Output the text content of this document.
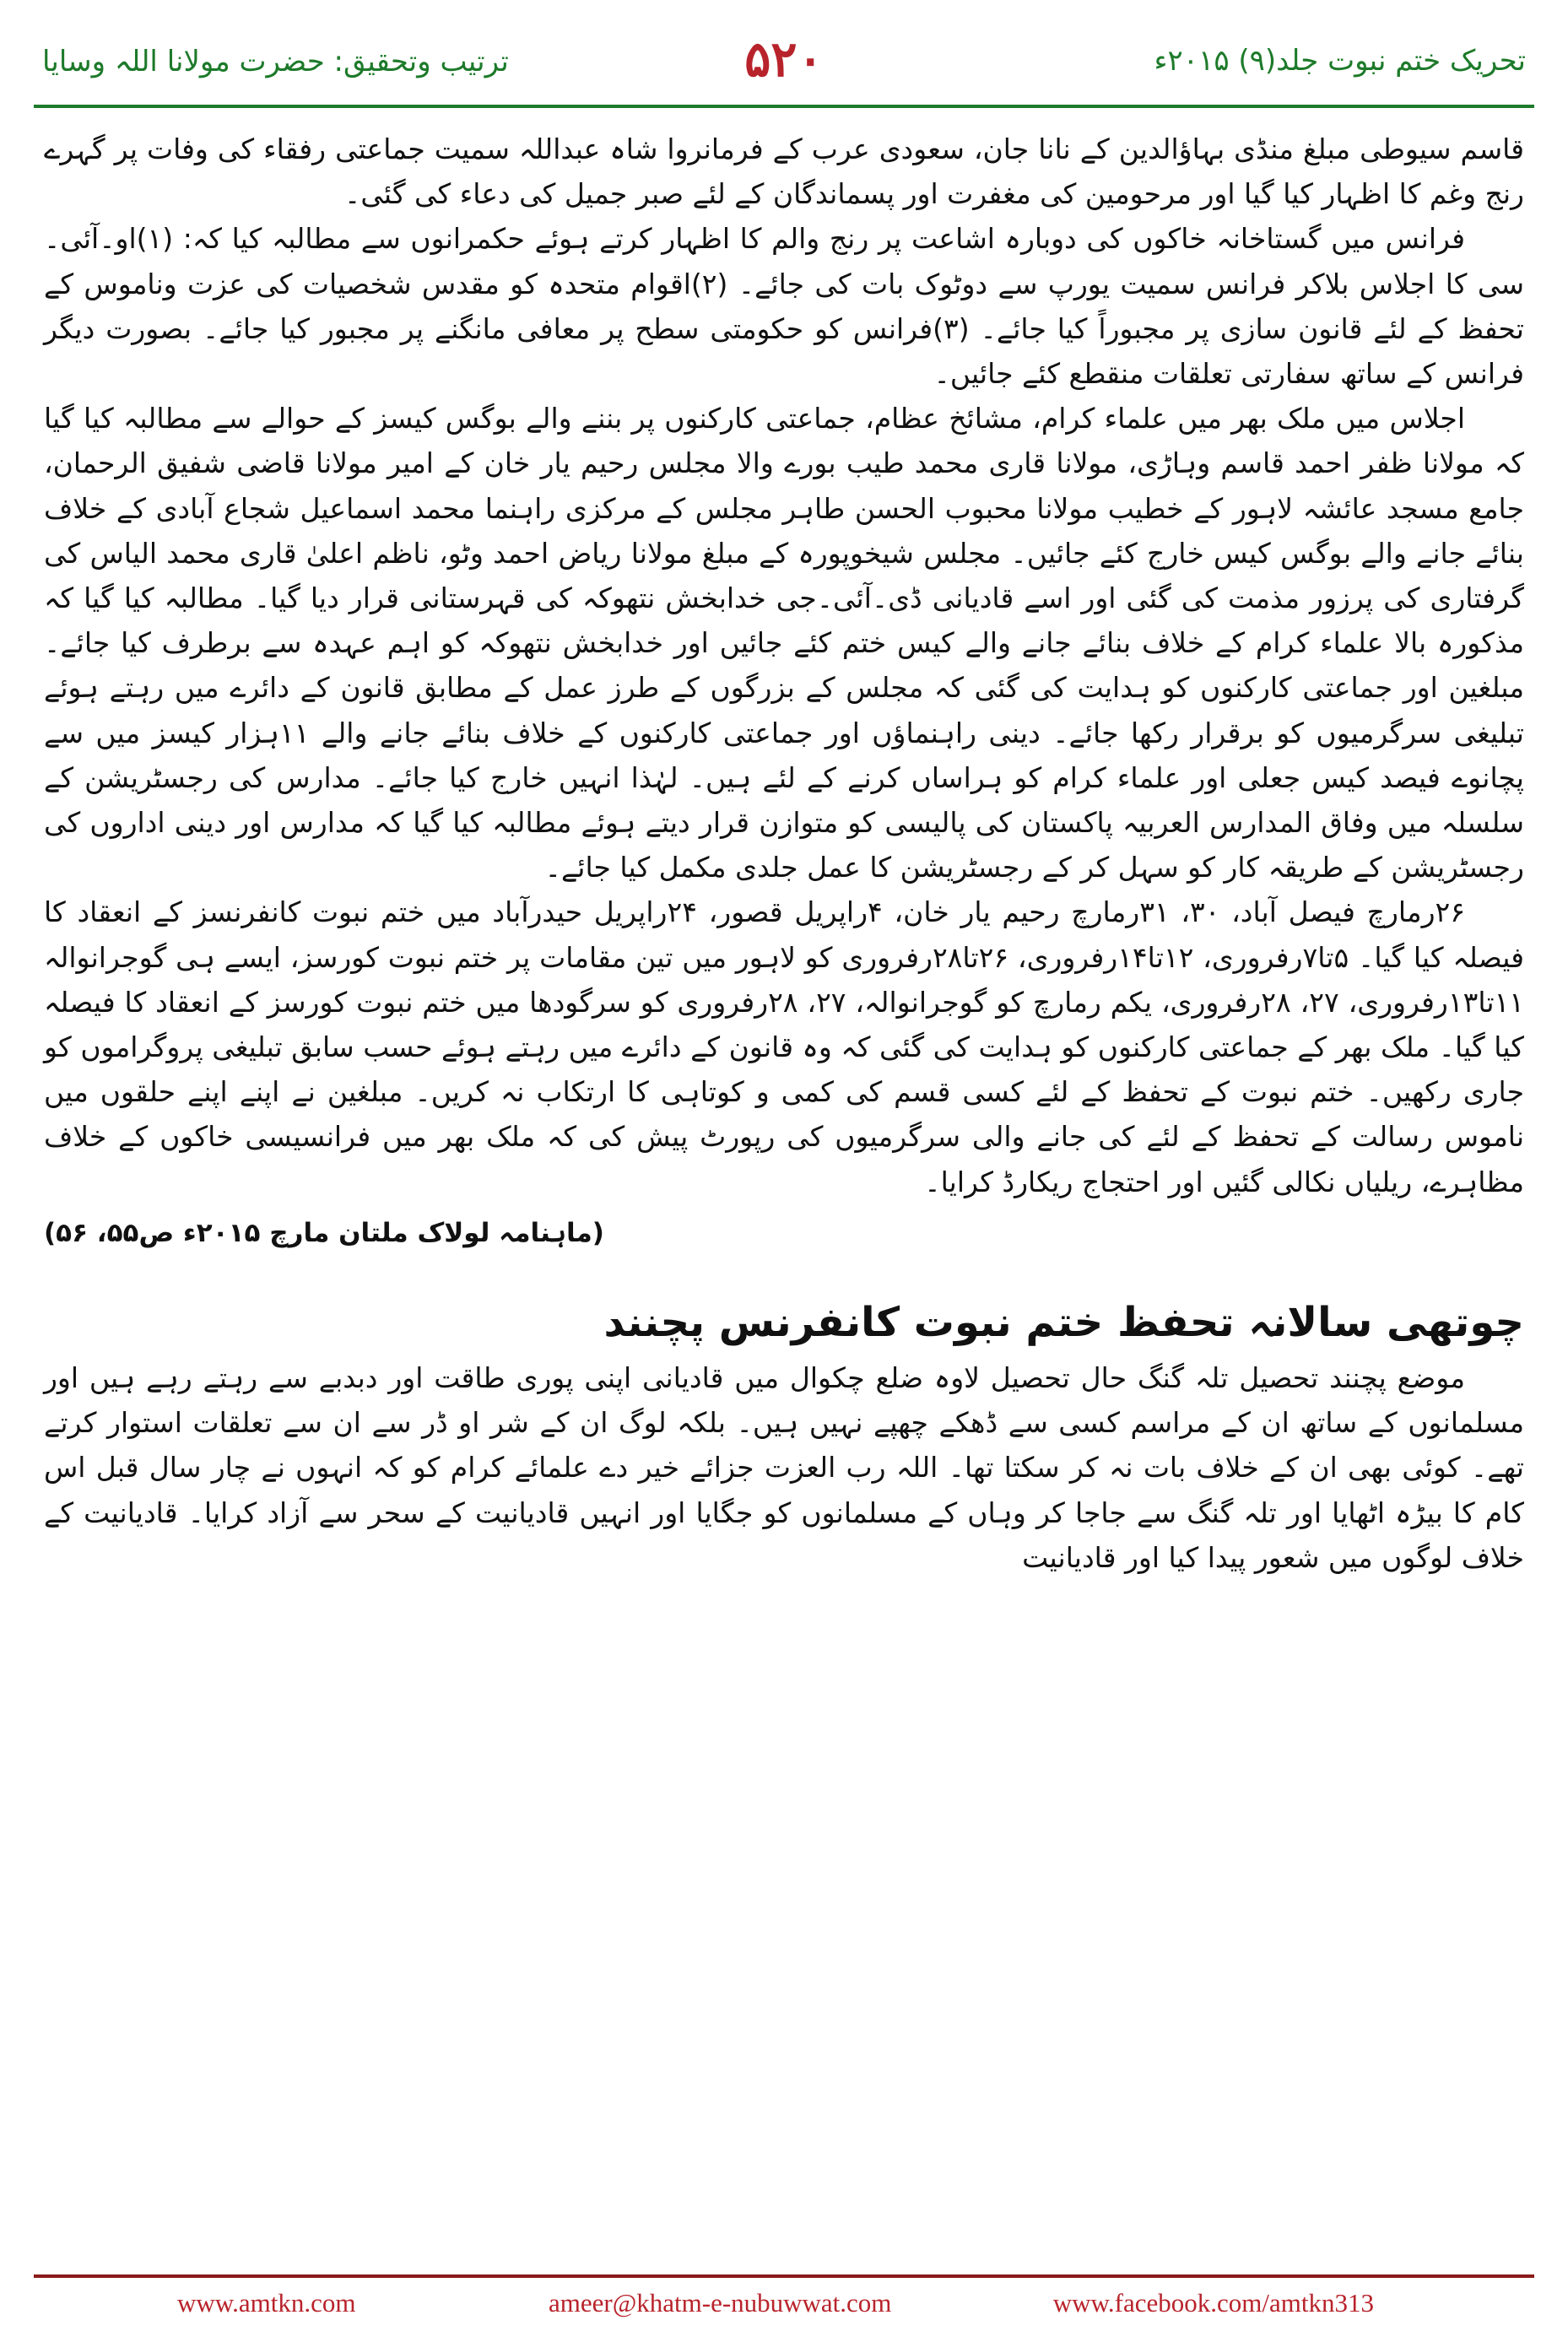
تحریک ختم نبوت جلد(۹) ۲۰۱۵ء
۵۲۰
ترتیب وتحقیق: حضرت مولانا اللہ وسایا

قاسم سیوطی مبلغ منڈی بہاؤالدین کے نانا جان، سعودی عرب کے فرمانروا شاہ عبداللہ سمیت جماعتی رفقاء کی وفات پر گہرے رنج وغم کا اظہار کیا گیا اور مرحومین کی مغفرت اور پسماندگان کے لئے صبر جمیل کی دعاء کی گئی۔

فرانس میں گستاخانہ خاکوں کی دوبارہ اشاعت پر رنج والم کا اظہار کرتے ہوئے حکمرانوں سے مطالبہ کیا کہ: (۱)او۔آئی۔سی کا اجلاس بلاکر فرانس سمیت یورپ سے دوٹوک بات کی جائے۔ (۲)اقوام متحدہ کو مقدس شخصیات کی عزت وناموس کے تحفظ کے لئے قانون سازی پر مجبوراً کیا جائے۔ (۳)فرانس کو حکومتی سطح پر معافی مانگنے پر مجبور کیا جائے۔ بصورت دیگر فرانس کے ساتھ سفارتی تعلقات منقطع کئے جائیں۔

اجلاس میں ملک بھر میں علماء کرام، مشائخ عظام، جماعتی کارکنوں پر بننے والے بوگس کیسز کے حوالے سے مطالبہ کیا گیا کہ مولانا ظفر احمد قاسم وہاڑی، مولانا قاری محمد طیب بورے والا مجلس رحیم یار خان کے امیر مولانا قاضی شفیق الرحمان، جامع مسجد عائشہ لاہور کے خطیب مولانا محبوب الحسن طاہر مجلس کے مرکزی راہنما محمد اسماعیل شجاع آبادی کے خلاف بنائے جانے والے بوگس کیس خارج کئے جائیں۔ مجلس شیخوپورہ کے مبلغ مولانا ریاض احمد وٹو، ناظم اعلیٰ قاری محمد الیاس کی گرفتاری کی پرزور مذمت کی گئی اور اسے قادیانی ڈی۔آئی۔جی خدابخش نتھوکہ کی قہرستانی قرار دیا گیا۔ مطالبہ کیا گیا کہ مذکورہ بالا علماء کرام کے خلاف بنائے جانے والے کیس ختم کئے جائیں اور خدابخش نتھوکہ کو اہم عہدہ سے برطرف کیا جائے۔ مبلغین اور جماعتی کارکنوں کو ہدایت کی گئی کہ مجلس کے بزرگوں کے طرز عمل کے مطابق قانون کے دائرے میں رہتے ہوئے تبلیغی سرگرمیوں کو برقرار رکھا جائے۔ دینی راہنماؤں اور جماعتی کارکنوں کے خلاف بنائے جانے والے ۱۱ہزار کیسز میں سے پچانوے فیصد کیس جعلی اور علماء کرام کو ہراساں کرنے کے لئے ہیں۔ لہٰذا انہیں خارج کیا جائے۔ مدارس کی رجسٹریشن کے سلسلہ میں وفاق المدارس العربیہ پاکستان کی پالیسی کو متوازن قرار دیتے ہوئے مطالبہ کیا گیا کہ مدارس اور دینی اداروں کی رجسٹریشن کے طریقہ کار کو سہل کر کے رجسٹریشن کا عمل جلدی مکمل کیا جائے۔

۲۶رمارچ فیصل آباد، ۳۰، ۳۱رمارچ رحیم یار خان، ۴راپریل قصور، ۲۴راپریل حیدرآباد میں ختم نبوت کانفرنسز کے انعقاد کا فیصلہ کیا گیا۔ ۵تا۷رفروری، ۱۲تا۱۴رفروری، ۲۶تا۲۸رفروری کو لاہور میں تین مقامات پر ختم نبوت کورسز، ایسے ہی گوجرانوالہ ۱۱تا۱۳رفروری، ۲۷، ۲۸رفروری، یکم رمارچ کو گوجرانوالہ، ۲۷، ۲۸رفروری کو سرگودھا میں ختم نبوت کورسز کے انعقاد کا فیصلہ کیا گیا۔ ملک بھر کے جماعتی کارکنوں کو ہدایت کی گئی کہ وہ قانون کے دائرے میں رہتے ہوئے حسب سابق تبلیغی پروگراموں کو جاری رکھیں۔ ختم نبوت کے تحفظ کے لئے کسی قسم کی کمی و کوتاہی کا ارتکاب نہ کریں۔ مبلغین نے اپنے اپنے حلقوں میں ناموس رسالت کے تحفظ کے لئے کی جانے والی سرگرمیوں کی رپورٹ پیش کی کہ ملک بھر میں فرانسیسی خاکوں کے خلاف مظاہرے، ریلیاں نکالی گئیں اور احتجاج ریکارڈ کرایا۔

(ماہنامہ لولاک ملتان مارچ ۲۰۱۵ء ص۵۵، ۵۶)

چوتھی سالانہ تحفظ ختم نبوت کانفرنس پچنند

موضع پچنند تحصیل تلہ گنگ حال تحصیل لاوہ ضلع چکوال میں قادیانی اپنی پوری طاقت اور دبدبے سے رہتے رہے ہیں اور مسلمانوں کے ساتھ ان کے مراسم کسی سے ڈھکے چھپے نہیں ہیں۔ بلکہ لوگ ان کے شر او ڈر سے ان سے تعلقات استوار کرتے تھے۔ کوئی بھی ان کے خلاف بات نہ کر سکتا تھا۔ اللہ رب العزت جزائے خیر دے علمائے کرام کو کہ انہوں نے چار سال قبل اس کام کا بیڑہ اٹھایا اور تلہ گنگ سے جاجا کر وہاں کے مسلمانوں کو جگایا اور انہیں قادیانیت کے سحر سے آزاد کرایا۔ قادیانیت کے خلاف لوگوں میں شعور پیدا کیا اور قادیانیت

www.amtkn.com	ameer@khatm-e-nubuwwat.com	www.facebook.com/amtkn313
